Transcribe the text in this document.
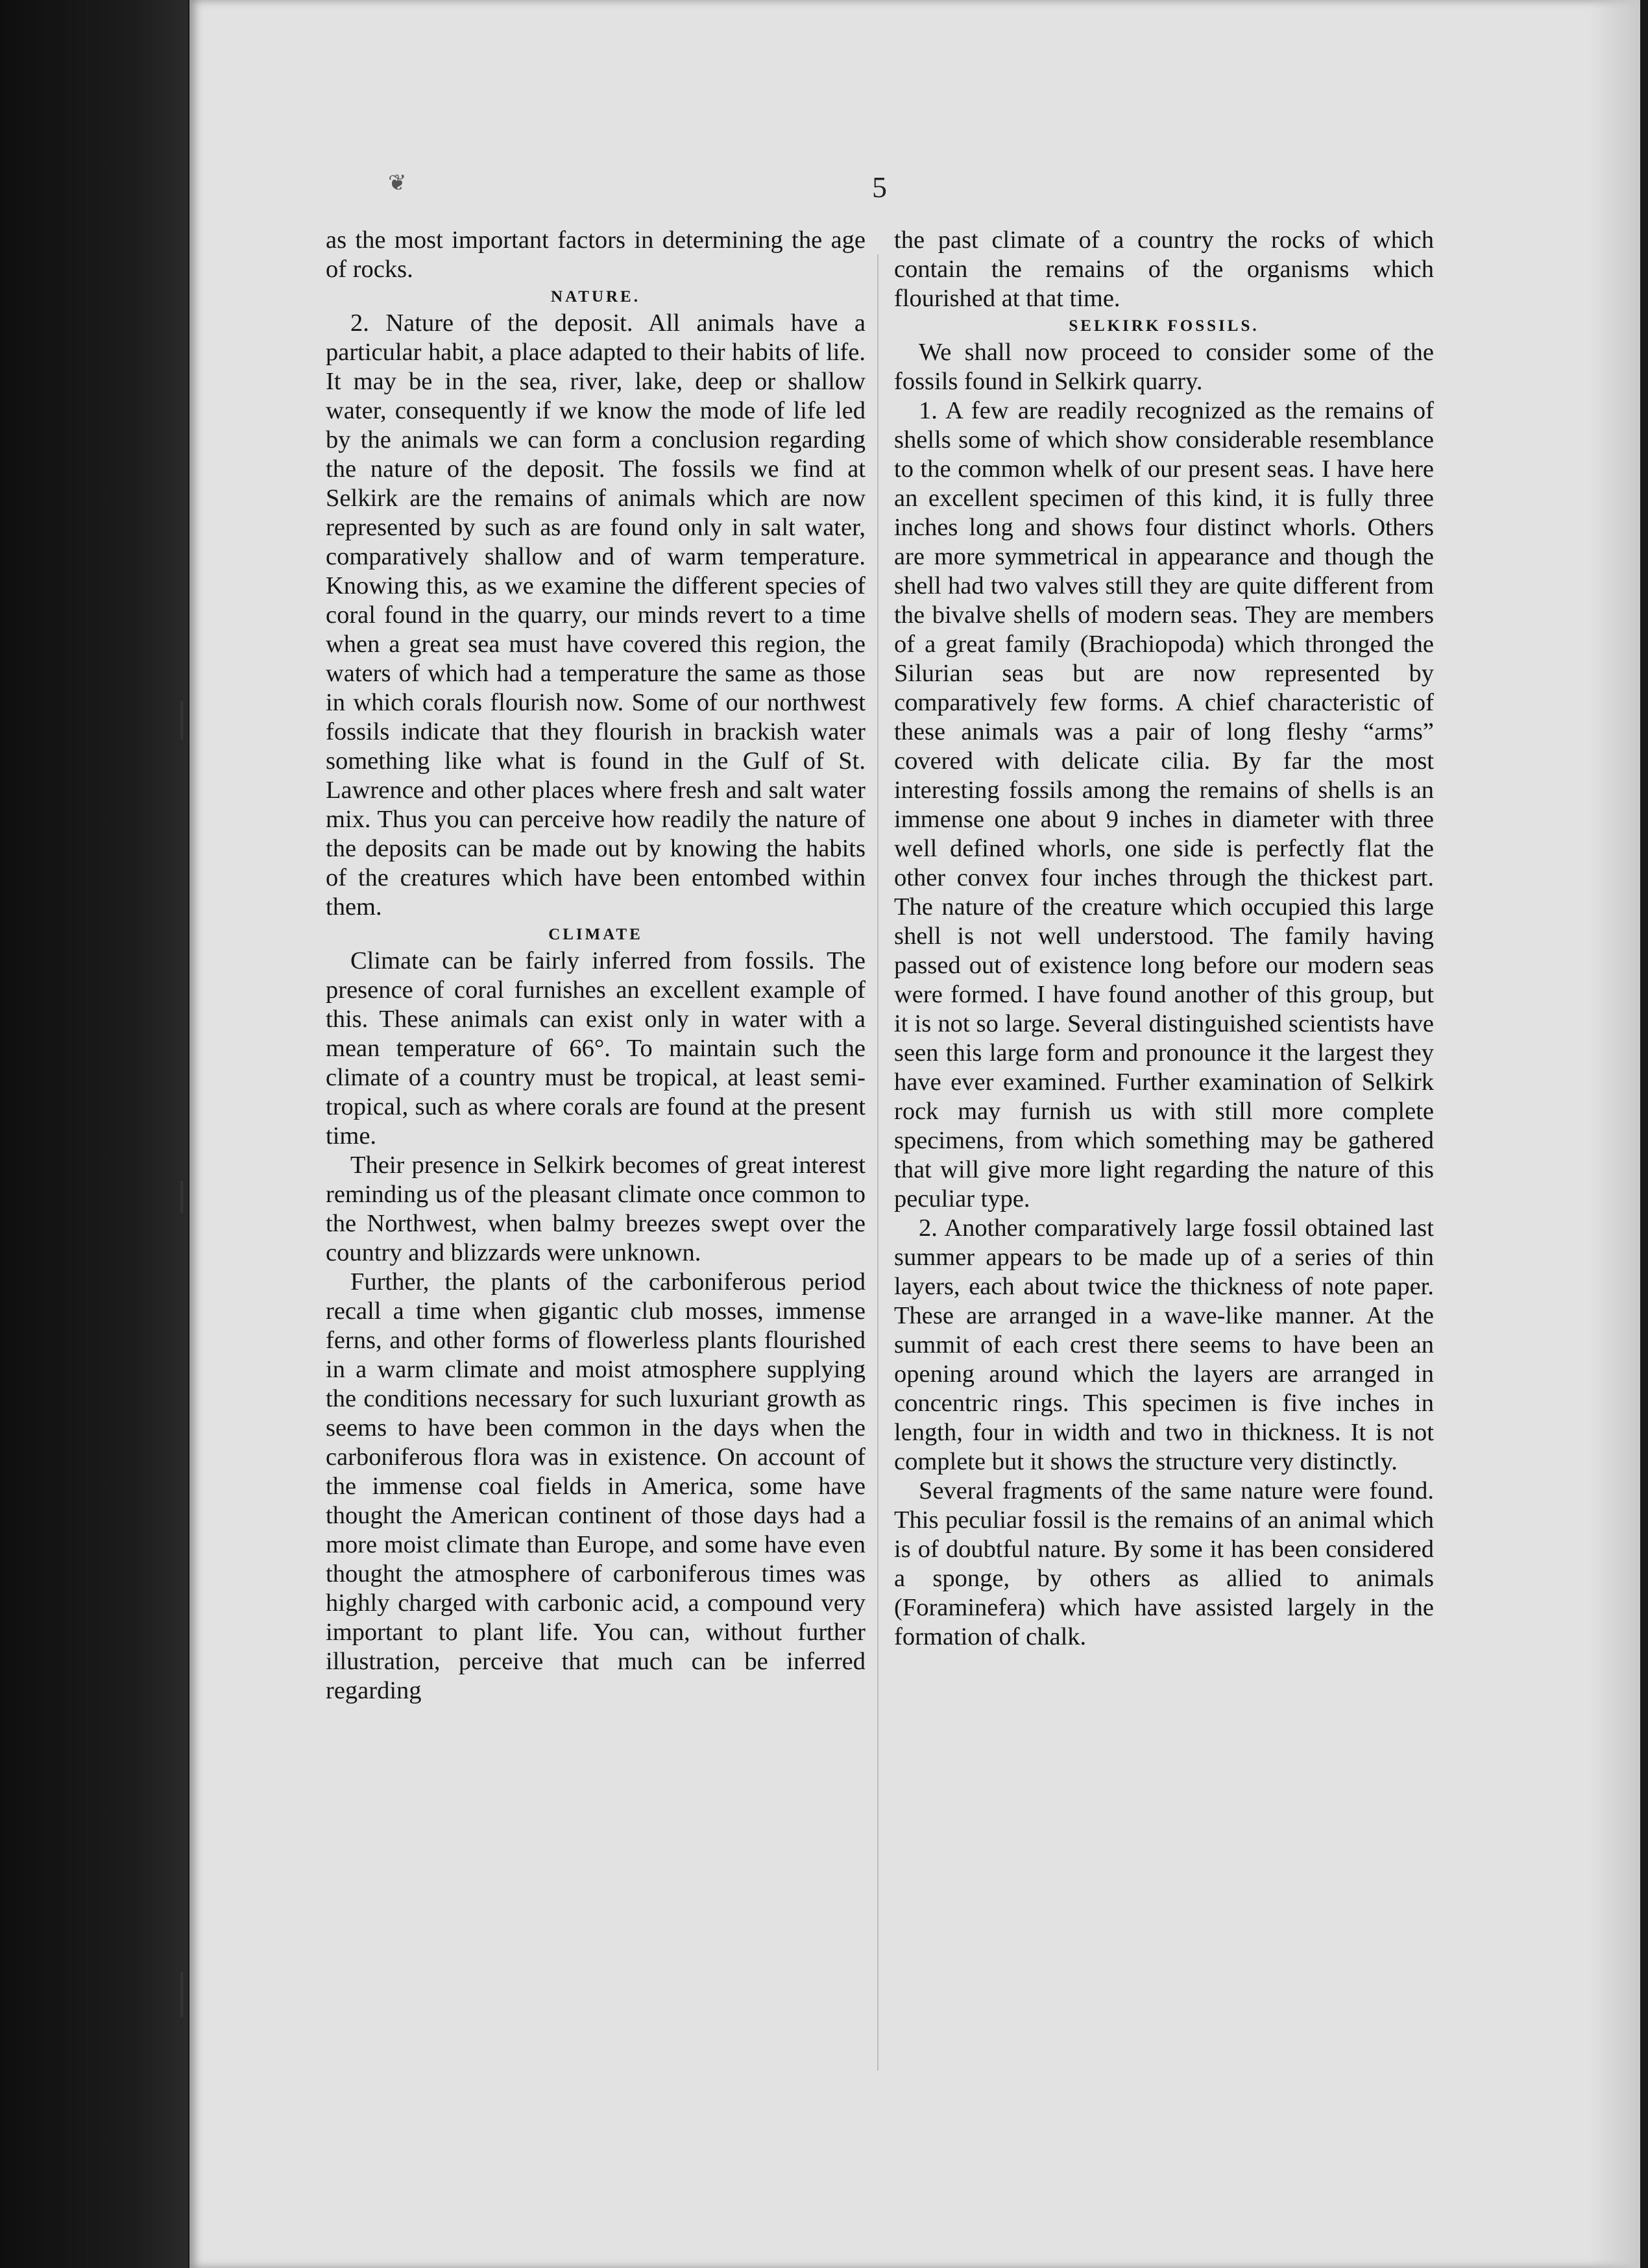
❦	5

as the most important factors in determining the age of rocks.

NATURE.

2. Nature of the deposit. All animals have a particular habit, a place adapted to their habits of life. It may be in the sea, river, lake, deep or shallow water, consequently if we know the mode of life led by the animals we can form a conclusion regarding the nature of the deposit. The fossils we find at Selkirk are the remains of animals which are now represented by such as are found only in salt water, comparatively shallow and of warm temperature. Knowing this, as we examine the different species of coral found in the quarry, our minds revert to a time when a great sea must have covered this region, the waters of which had a temperature the same as those in which corals flourish now. Some of our northwest fossils indicate that they flourish in brackish water something like what is found in the Gulf of St. Lawrence and other places where fresh and salt water mix. Thus you can perceive how readily the nature of the deposits can be made out by knowing the habits of the creatures which have been entombed within them.

CLIMATE

Climate can be fairly inferred from fossils. The presence of coral furnishes an excellent example of this. These animals can exist only in water with a mean temperature of 66°. To maintain such the climate of a country must be tropical, at least semi-tropical, such as where corals are found at the present time.

Their presence in Selkirk becomes of great interest reminding us of the pleasant climate once common to the Northwest, when balmy breezes swept over the country and blizzards were unknown.

Further, the plants of the carboniferous period recall a time when gigantic club mosses, immense ferns, and other forms of flowerless plants flourished in a warm climate and moist atmosphere supplying the conditions necessary for such luxuriant growth as seems to have been common in the days when the carboniferous flora was in existence. On account of the immense coal fields in America, some have thought the American continent of those days had a more moist climate than Europe, and some have even thought the atmosphere of carboniferous times was highly charged with carbonic acid, a compound very important to plant life. You can, without further illustration, perceive that much can be inferred regarding

the past climate of a country the rocks of which contain the remains of the organisms which flourished at that time.

SELKIRK FOSSILS.

We shall now proceed to consider some of the fossils found in Selkirk quarry.

1. A few are readily recognized as the remains of shells some of which show considerable resemblance to the common whelk of our present seas. I have here an excellent specimen of this kind, it is fully three inches long and shows four distinct whorls. Others are more symmetrical in appearance and though the shell had two valves still they are quite different from the bivalve shells of modern seas. They are members of a great family (Brachiopoda) which thronged the Silurian seas but are now represented by comparatively few forms. A chief characteristic of these animals was a pair of long fleshy “arms” covered with delicate cilia. By far the most interesting fossils among the remains of shells is an immense one about 9 inches in diameter with three well defined whorls, one side is perfectly flat the other convex four inches through the thickest part. The nature of the creature which occupied this large shell is not well understood. The family having passed out of existence long before our modern seas were formed. I have found another of this group, but it is not so large. Several distinguished scientists have seen this large form and pronounce it the largest they have ever examined. Further examination of Selkirk rock may furnish us with still more complete specimens, from which something may be gathered that will give more light regarding the nature of this peculiar type.

2. Another comparatively large fossil obtained last summer appears to be made up of a series of thin layers, each about twice the thickness of note paper. These are arranged in a wave-like manner. At the summit of each crest there seems to have been an opening around which the layers are arranged in concentric rings. This specimen is five inches in length, four in width and two in thickness. It is not complete but it shows the structure very distinctly.

Several fragments of the same nature were found. This peculiar fossil is the remains of an animal which is of doubtful nature. By some it has been considered a sponge, by others as allied to animals (Foraminefera) which have assisted largely in the formation of chalk.
